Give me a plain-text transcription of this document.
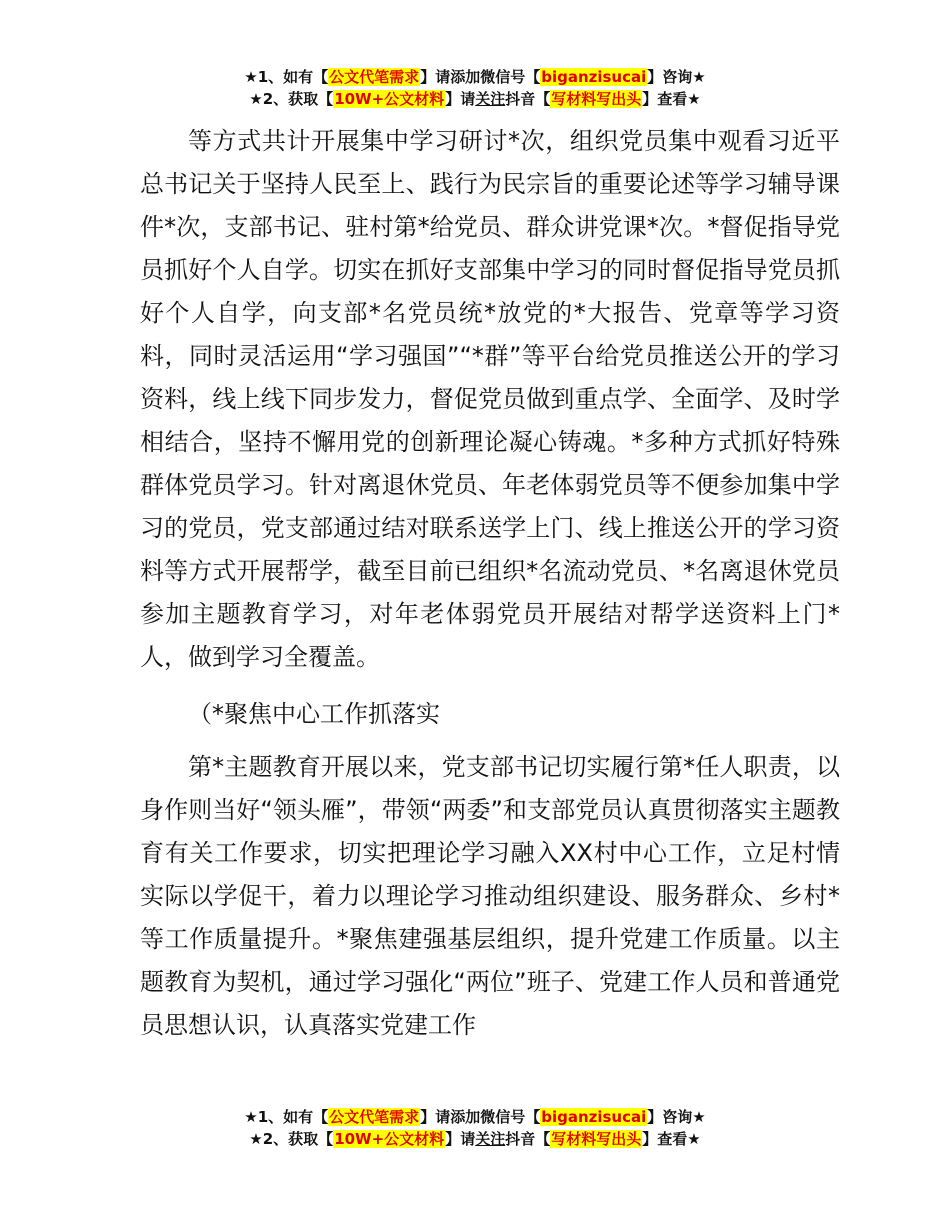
★1、如有【公文代笔需求】请添加微信号【biganzisucai】咨询★
★2、获取【10W+公文材料】请关注抖音【写材料写出头】查看★

等方式共计开展集中学习研讨*次，组织党员集中观看习近平总书记关于坚持人民至上、践行为民宗旨的重要论述等学习辅导课件*次，支部书记、驻村第*给党员、群众讲党课*次。*督促指导党员抓好个人自学。切实在抓好支部集中学习的同时督促指导党员抓好个人自学，向支部*名党员统*放党的*大报告、党章等学习资料，同时灵活运用“学习强国”“*群”等平台给党员推送公开的学习资料，线上线下同步发力，督促党员做到重点学、全面学、及时学相结合，坚持不懈用党的创新理论凝心铸魂。*多种方式抓好特殊群体党员学习。针对离退休党员、年老体弱党员等不便参加集中学习的党员，党支部通过结对联系送学上门、线上推送公开的学习资料等方式开展帮学，截至目前已组织*名流动党员、*名离退休党员参加主题教育学习，对年老体弱党员开展结对帮学送资料上门*人，做到学习全覆盖。

（*聚焦中心工作抓落实

第*主题教育开展以来，党支部书记切实履行第*任人职责，以身作则当好“领头雁”，带领“两委”和支部党员认真贯彻落实主题教育有关工作要求，切实把理论学习融入XX村中心工作，立足村情实际以学促干，着力以理论学习推动组织建设、服务群众、乡村*等工作质量提升。*聚焦建强基层组织，提升党建工作质量。以主题教育为契机，通过学习强化“两位”班子、党建工作人员和普通党员思想认识，认真落实党建工作

★1、如有【公文代笔需求】请添加微信号【biganzisucai】咨询★
★2、获取【10W+公文材料】请关注抖音【写材料写出头】查看★
